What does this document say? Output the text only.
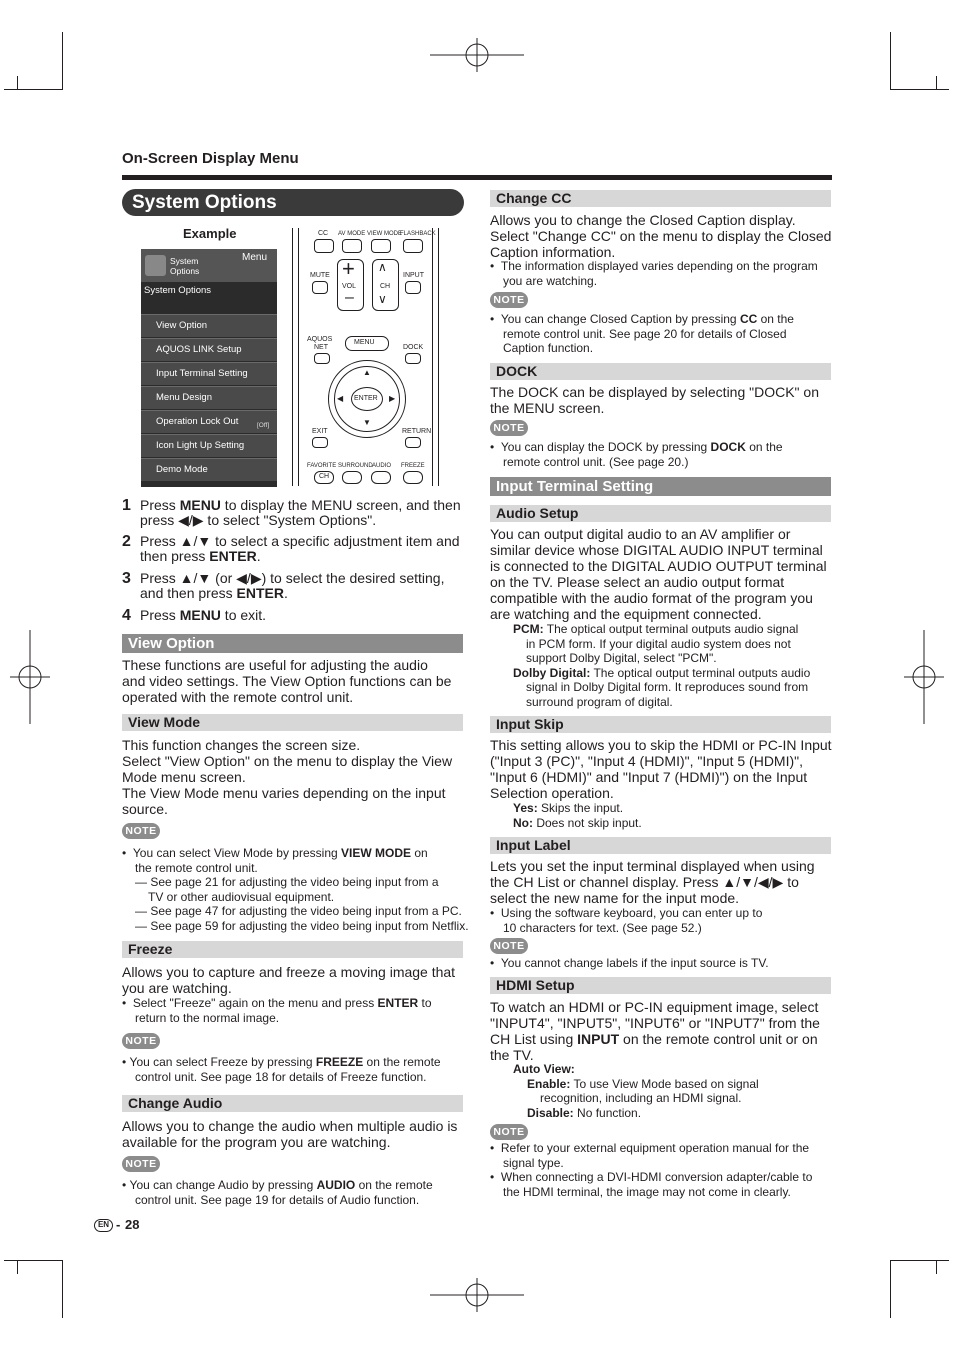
On-Screen Display Menu
System Options
Example
System
Options
Menu
System Options
View Option
AQUOS LINK Setup
Input Terminal Setting
Menu Design
Operation Lock Out	[Off]
Icon Light Up Setting
Demo Mode
CC AV MODE VIEW MODE
FLASHBACK
MUTE +
VOL
–
∧
CH
∨
INPUT
AQUOS
NET
MENU
DOCK
ENTER
▲
▼
◀	▶
EXIT	RETURN
FAVORITE SURROUND AUDIO FREEZE
CH
1 Press MENU to display the MENU screen, and then
press ◀/▶ to select "System Options".
2 Press ▲/▼ to select a specific adjustment item and
then press ENTER.
3 Press ▲/▼ (or ◀/▶) to select the desired setting,
and then press ENTER.
4 Press MENU to exit.
View Option
These functions are useful for adjusting the audio
and video settings. The View Option functions can be
operated with the remote control unit.
View Mode
This function changes the screen size.
Select "View Option" on the menu to display the View
Mode menu screen.
The View Mode menu varies depending on the input
source.
NOTE
•  You can select View Mode by pressing VIEW MODE on
the remote control unit.
— See page 21 for adjusting the video being input from a
TV or other audiovisual equipment.
— See page 47 for adjusting the video being input from a PC.
— See page 59 for adjusting the video being input from Netflix.
Freeze
Allows you to capture and freeze a moving image that
you are watching.
•  Select "Freeze" again on the menu and press ENTER to
return to the normal image.
NOTE
• You can select Freeze by pressing FREEZE on the remote
control unit. See page 18 for details of Freeze function.
Change Audio
Allows you to change the audio when multiple audio is
available for the program you are watching.
NOTE
• You can change Audio by pressing AUDIO on the remote
control unit. See page 19 for details of Audio function.
Change CC
Allows you to change the Closed Caption display.
Select "Change CC" on the menu to display the Closed
Caption information.
•  The information displayed varies depending on the program
you are watching.
NOTE
•  You can change Closed Caption by pressing CC on the
remote control unit. See page 20 for details of Closed
Caption function.
DOCK
The DOCK can be displayed by selecting "DOCK" on
the MENU screen.
NOTE
•  You can display the DOCK by pressing DOCK on the
remote control unit. (See page 20.)
Input Terminal Setting
Audio Setup
You can output digital audio to an AV amplifier or
similar device whose DIGITAL AUDIO INPUT terminal
is connected to the DIGITAL AUDIO OUTPUT terminal
on the TV. Please select an audio output format
compatible with the audio format of the program you
are watching and the equipment connected.
PCM: The optical output terminal outputs audio signal
in PCM form. If your digital audio system does not
support Dolby Digital, select "PCM".
Dolby Digital: The optical output terminal outputs audio
signal in Dolby Digital form. It reproduces sound from
surround program of digital.
Input Skip
This setting allows you to skip the HDMI or PC-IN Input
("Input 3 (PC)", "Input 4 (HDMI)", "Input 5 (HDMI)",
"Input 6 (HDMI)" and "Input 7 (HDMI)") on the Input
Selection operation.
Yes: Skips the input.
No: Does not skip input.
Input Label
Lets you set the input terminal displayed when using
the CH List or channel display. Press ▲/▼/◀/▶ to
select the new name for the input mode.
•  Using the software keyboard, you can enter up to
10 characters for text. (See page 52.)
NOTE
•  You cannot change labels if the input source is TV.
HDMI Setup
To watch an HDMI or PC-IN equipment image, select
"INPUT4", "INPUT5", "INPUT6" or "INPUT7" from the
CH List using INPUT on the remote control unit or on
the TV.
Auto View:
Enable: To use View Mode based on signal
recognition, including an HDMI signal.
Disable: No function.
NOTE
•  Refer to your external equipment operation manual for the
signal type.
•  When connecting a DVI-HDMI conversion adapter/cable to
the HDMI terminal, the image may not come in clearly.
EN - 28
